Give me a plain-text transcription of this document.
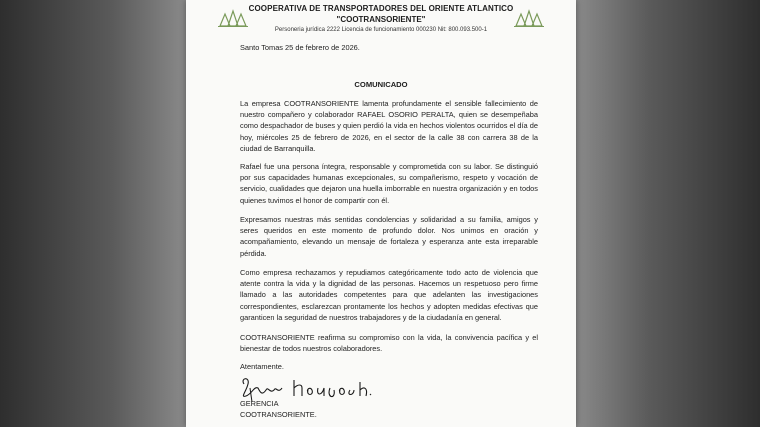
COOPERATIVA DE TRANSPORTADORES DEL ORIENTE ATLANTICO
"COOTRANSORIENTE"
Personeria jurídica 2222 Licencia de funcionamiento 000230 Nit: 800.093.500-1
Santo Tomas 25 de febrero de 2026.
COMUNICADO
La empresa COOTRANSORIENTE lamenta profundamente el sensible fallecimiento de nuestro compañero y colaborador RAFAEL OSORIO PERALTA, quien se desempeñaba como despachador de buses y quien perdió la vida en hechos violentos ocurridos el día de hoy, miércoles 25 de febrero de 2026, en el sector de la calle 38 con carrera 38 de la ciudad de Barranquilla.
Rafael fue una persona íntegra, responsable y comprometida con su labor. Se distinguió por sus capacidades humanas excepcionales, su compañerismo, respeto y vocación de servicio, cualidades que dejaron una huella imborrable en nuestra organización y en todos quienes tuvimos el honor de compartir con él.
Expresamos nuestras más sentidas condolencias y solidaridad a su familia, amigos y seres queridos en este momento de profundo dolor. Nos unimos en oración y acompañamiento, elevando un mensaje de fortaleza y esperanza ante esta irreparable pérdida.
Como empresa rechazamos y repudiamos categóricamente todo acto de violencia que atente contra la vida y la dignidad de las personas. Hacemos un respetuoso pero firme llamado a las autoridades competentes para que adelanten las investigaciones correspondientes, esclarezcan prontamente los hechos y adopten medidas efectivas que garanticen la seguridad de nuestros trabajadores y de la ciudadanía en general.
COOTRANSORIENTE reafirma su compromiso con la vida, la convivencia pacífica y el bienestar de todos nuestros colaboradores.
Atentamente.
GERENCIA
COOTRANSORIENTE.
